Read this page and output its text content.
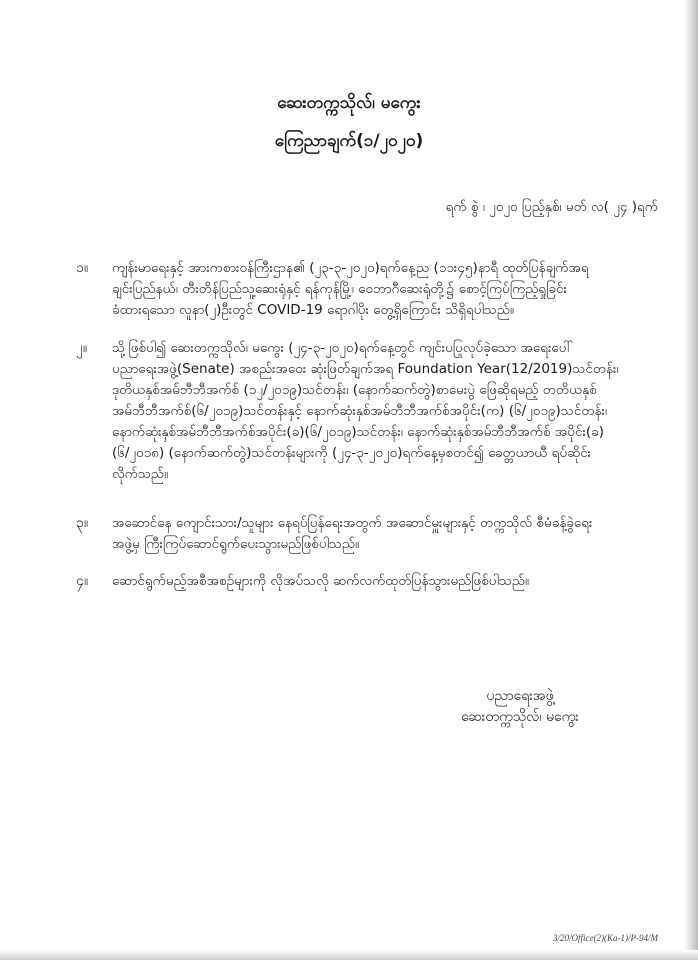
ဆေးတက္ကသိုလ်၊ မကွေး
ကြေညာချက်(၁/၂၀၂၀)
ရက် စွဲ ၊ ၂၀၂၀ ပြည့်နှစ်၊ မတ် လ( ၂၄ )ရက်
၁။	ကျန်းမာရေးနှင့် အားကစားဝန်ကြီးဌာန၏ (၂၃-၃-၂၀၂၀)ရက်နေ့ည (၁၁း၄၅)နာရီ ထုတ်ပြန်ချက်အရ
ချင်းပြည်နယ်၊ တီးတိန်ပြည်သူ့ဆေးရုံနှင့် ရန်ကုန်မြို့၊ ဝေဘာဂီဆေးရုံတို့၌ စောင့်ကြပ်ကြည့်ရှုခြင်း
ခံထားရသော လူနာ(၂)ဦးတွင် COVID-19 ရောဂါပိုး တွေ့ရှိကြောင်း သိရှိရပါသည်။
၂။	သို့ဖြစ်ပါ၍ ဆေးတက္ကသိုလ်၊ မကွေး (၂၄-၃-၂၀၂၀)ရက်နေ့တွင် ကျင်းပပြုလုပ်ခဲ့သော အရေးပေါ်
ပညာရေးအဖွဲ့(Senate) အစည်းအဝေး ဆုံးဖြတ်ချက်အရ Foundation Year(12/2019)သင်တန်း၊
ဒုတိယနှစ်အမ်ဘီဘီအက်စ် (၁၂/၂၀၁၉)သင်တန်း၊ (နောက်ဆက်တွဲ)စာမေးပွဲ ဖြေဆိုရမည့် တတိယနှစ်
အမ်ဘီဘီအက်စ်(၆/၂၀၁၉)သင်တန်းနှင့် နောက်ဆုံးနှစ်အမ်ဘီဘီအက်စ်အပိုင်း(က) (၆/၂၀၁၉)သင်တန်း၊
နောက်ဆုံးနှစ်အမ်ဘီဘီအက်စ်အပိုင်း(ခ)(၆/၂၀၁၉)သင်တန်း၊ နောက်ဆုံးနှစ်အမ်ဘီဘီအက်စ် အပိုင်း(ခ)
(၆/၂၀၁၈) (နောက်ဆက်တွဲ)သင်တန်းများကို (၂၄-၃-၂၀၂၀)ရက်နေ့မှစတင်၍ ခေတ္တယာယီ ရပ်ဆိုင်း
လိုက်သည်။
၃။	အဆောင်နေ ကျောင်းသား/သူများ နေရပ်ပြန်ရေးအတွက် အဆောင်မှူးများနှင့် တက္ကသိုလ် စီမံခန့်ခွဲရေး
အဖွဲ့မှ ကြီးကြပ်ဆောင်ရွက်ပေးသွားမည်ဖြစ်ပါသည်။
၄။	ဆောင်ရွက်မည့်အစီအစဉ်များကို လိုအပ်သလို ဆက်လက်ထုတ်ပြန်သွားမည်ဖြစ်ပါသည်။
ပညာရေးအဖွဲ့
ဆေးတက္ကသိုလ်၊ မကွေး
3/20/Office(2)(Ka-1)/P-94/M
